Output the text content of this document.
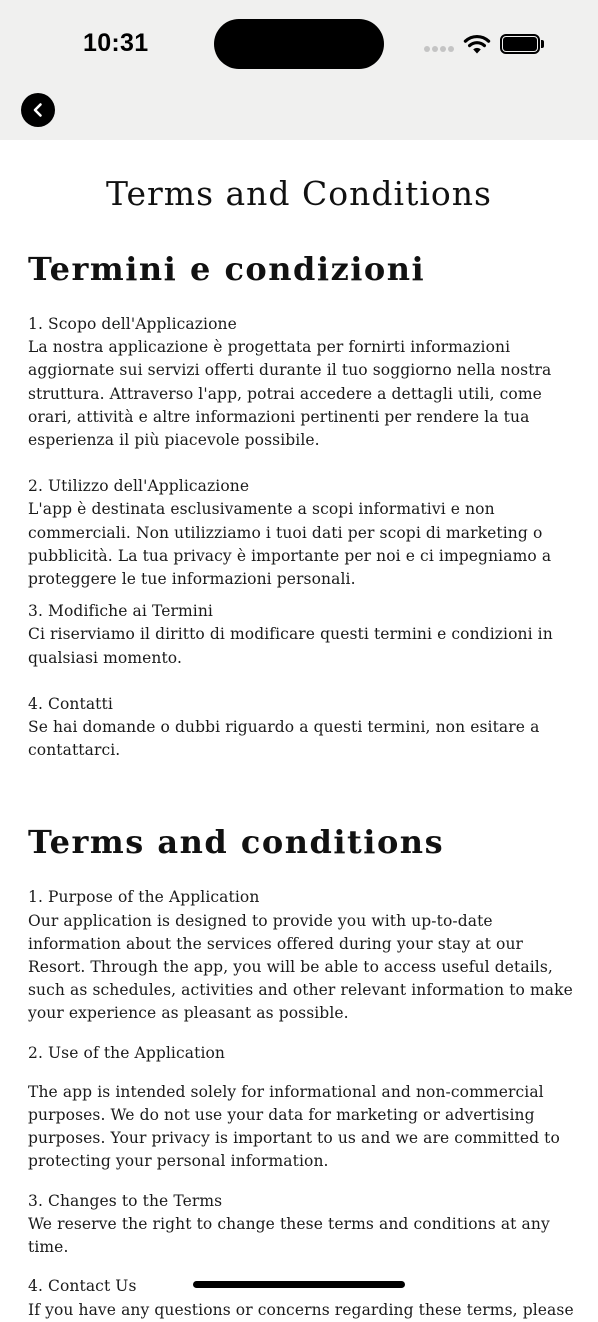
10:31
Terms and Conditions
Termini e condizioni
1. Scopo dell'Applicazione
La nostra applicazione è progettata per fornirti informazioni aggiornate sui servizi offerti durante il tuo soggiorno nella nostra struttura. Attraverso l'app, potrai accedere a dettagli utili, come orari, attività e altre informazioni pertinenti per rendere la tua esperienza il più piacevole possibile.
2. Utilizzo dell'Applicazione
L'app è destinata esclusivamente a scopi informativi e non commerciali. Non utilizziamo i tuoi dati per scopi di marketing o pubblicità. La tua privacy è importante per noi e ci impegniamo a proteggere le tue informazioni personali.
3. Modifiche ai Termini
Ci riserviamo il diritto di modificare questi termini e condizioni in qualsiasi momento.
4. Contatti
Se hai domande o dubbi riguardo a questi termini, non esitare a contattarci.
Terms and conditions
1. Purpose of the Application
Our application is designed to provide you with up-to-date information about the services offered during your stay at our Resort. Through the app, you will be able to access useful details, such as schedules, activities and other relevant information to make your experience as pleasant as possible.
2. Use of the Application
The app is intended solely for informational and non-commercial purposes. We do not use your data for marketing or advertising purposes. Your privacy is important to us and we are committed to protecting your personal information.
3. Changes to the Terms
We reserve the right to change these terms and conditions at any time.
4. Contact Us
If you have any questions or concerns regarding these terms, please
